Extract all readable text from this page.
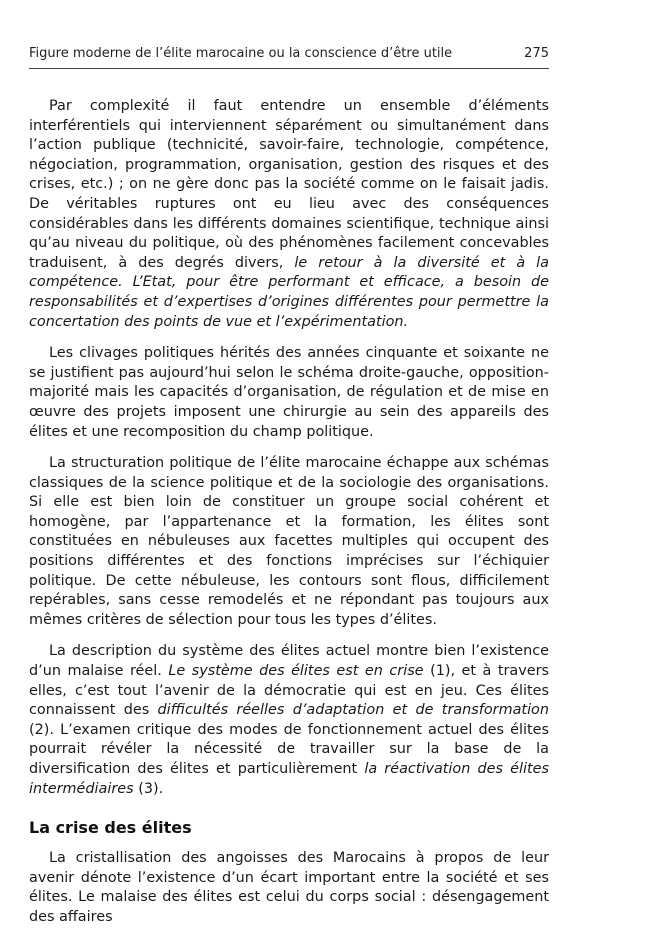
Figure moderne de l’élite marocaine ou la conscience d’être utile	275

Par complexité il faut entendre un ensemble d’éléments interférentiels qui interviennent séparément ou simultanément dans l’action publique (technicité, savoir-faire, technologie, compétence, négociation, programmation, organisation, gestion des risques et des crises, etc.) ; on ne gère donc pas la société comme on le faisait jadis. De véritables ruptures ont eu lieu avec des conséquences considérables dans les différents domaines scientifique, technique ainsi qu’au niveau du politique, où des phénomènes facilement concevables traduisent, à des degrés divers, le retour à la diversité et à la compétence. L’Etat, pour être performant et efficace, a besoin de responsabilités et d’expertises d’origines différentes pour permettre la concertation des points de vue et l’expérimentation.

Les clivages politiques hérités des années cinquante et soixante ne se justifient pas aujourd’hui selon le schéma droite-gauche, opposition-majorité mais les capacités d’organisation, de régulation et de mise en œuvre des projets imposent une chirurgie au sein des appareils des élites et une recomposition du champ politique.

La structuration politique de l’élite marocaine échappe aux schémas classiques de la science politique et de la sociologie des organisations. Si elle est bien loin de constituer un groupe social cohérent et homogène, par l’appartenance et la formation, les élites sont constituées en nébuleuses aux facettes multiples qui occupent des positions différentes et des fonctions imprécises sur l’échiquier politique. De cette nébuleuse, les contours sont flous, difficilement repérables, sans cesse remodelés et ne répondant pas toujours aux mêmes critères de sélection pour tous les types d’élites.

La description du système des élites actuel montre bien l’existence d’un malaise réel. Le système des élites est en crise (1), et à travers elles, c’est tout l’avenir de la démocratie qui est en jeu. Ces élites connaissent des difficultés réelles d’adaptation et de transformation (2). L’examen critique des modes de fonctionnement actuel des élites pourrait révéler la nécessité de travailler sur la base de la diversification des élites et particulièrement la réactivation des élites intermédiaires (3).

La crise des élites

La cristallisation des angoisses des Marocains à propos de leur avenir dénote l’existence d’un écart important entre la société et ses élites. Le malaise des élites est celui du corps social : désengagement des affaires
